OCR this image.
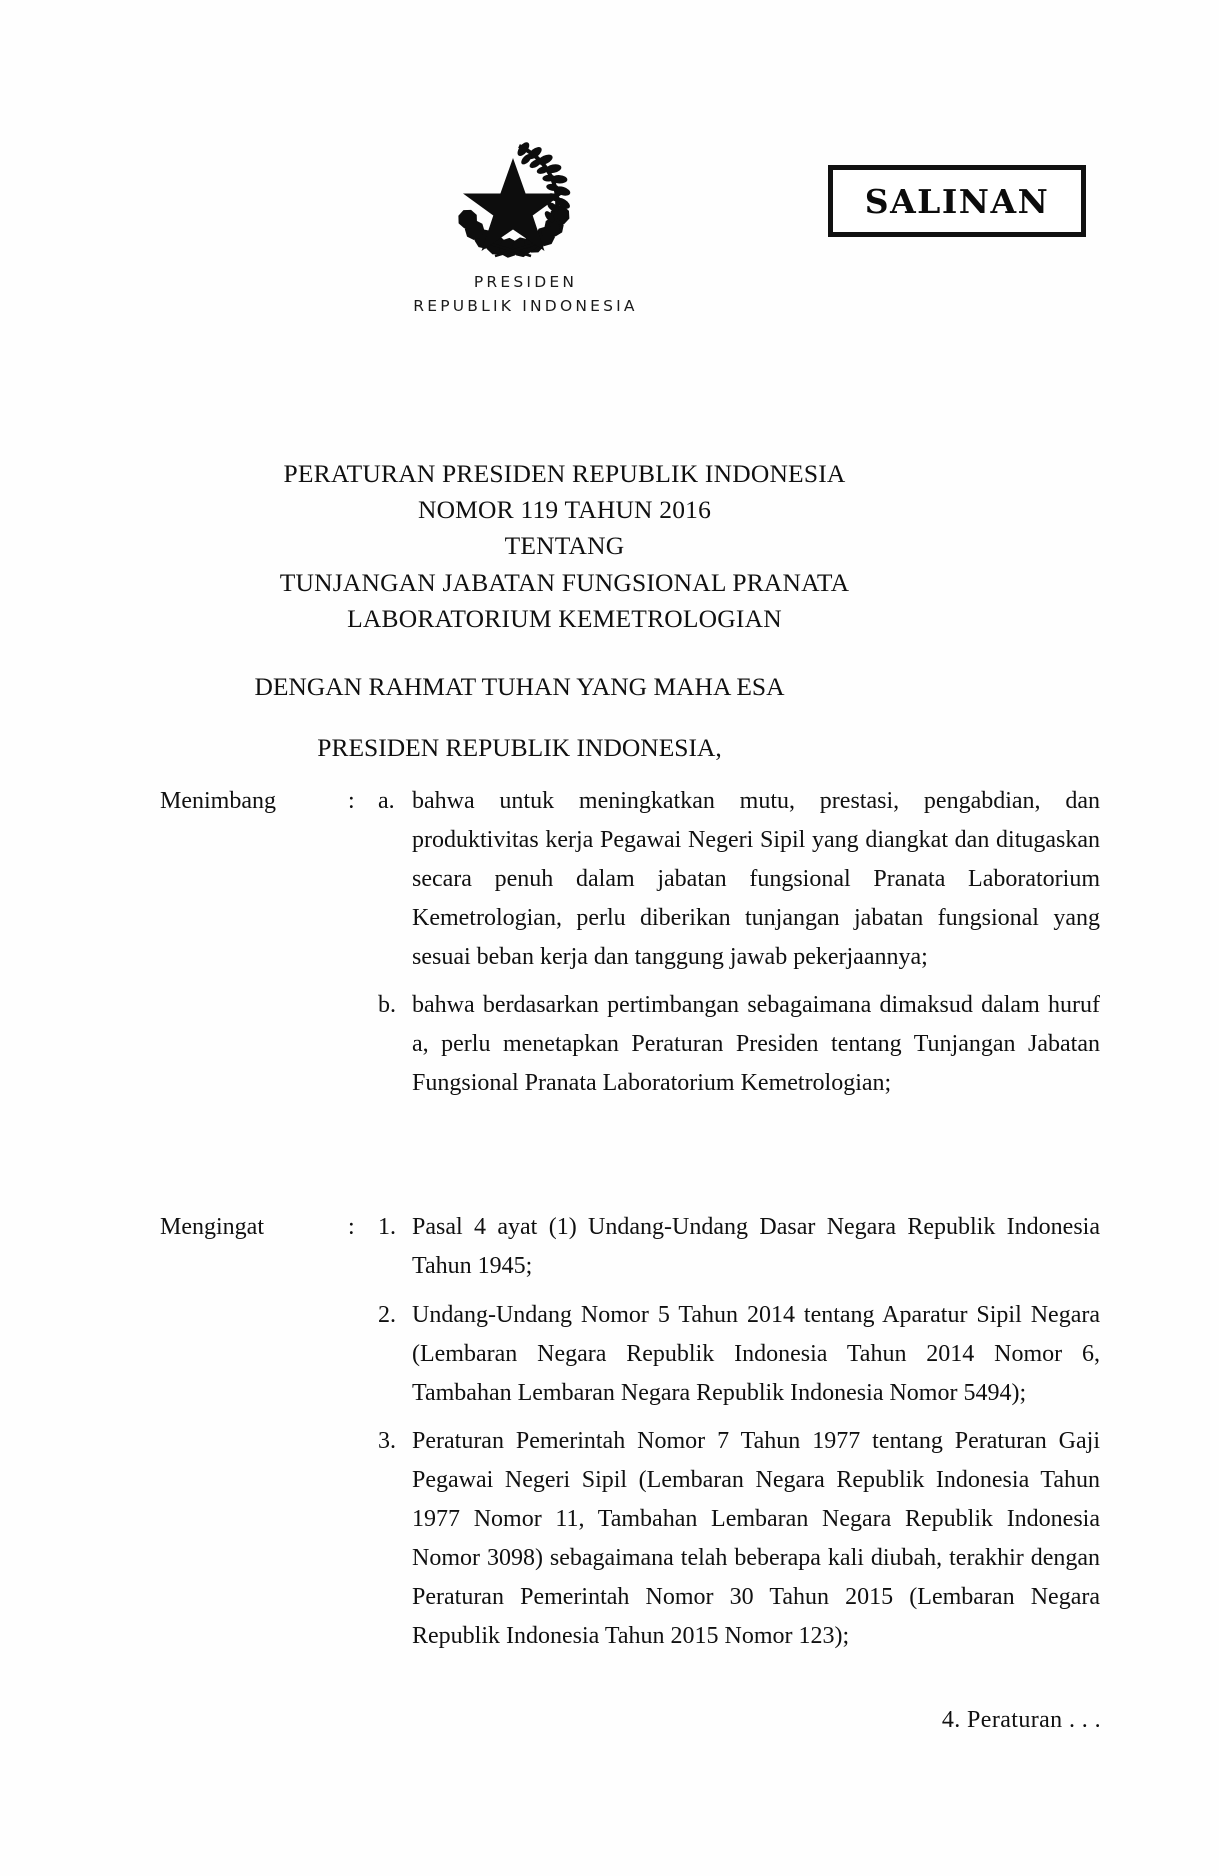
SALINAN
PRESIDEN
REPUBLIK INDONESIA
PERATURAN PRESIDEN REPUBLIK INDONESIA
NOMOR 119 TAHUN 2016
TENTANG
TUNJANGAN JABATAN FUNGSIONAL PRANATA
LABORATORIUM KEMETROLOGIAN
DENGAN RAHMAT TUHAN YANG MAHA ESA
PRESIDEN REPUBLIK INDONESIA,
Menimbang	: a. bahwa untuk meningkatkan mutu, prestasi, pengabdian, dan produktivitas kerja Pegawai Negeri Sipil yang diangkat dan ditugaskan secara penuh dalam jabatan fungsional Pranata Laboratorium Kemetrologian, perlu diberikan tunjangan jabatan fungsional yang sesuai beban kerja dan tanggung jawab pekerjaannya;
b. bahwa berdasarkan pertimbangan sebagaimana dimaksud dalam huruf a, perlu menetapkan Peraturan Presiden tentang Tunjangan Jabatan Fungsional Pranata Laboratorium Kemetrologian;
Mengingat	: 1. Pasal 4 ayat (1) Undang-Undang Dasar Negara Republik Indonesia Tahun 1945;
2. Undang-Undang Nomor 5 Tahun 2014 tentang Aparatur Sipil Negara (Lembaran Negara Republik Indonesia Tahun 2014 Nomor 6, Tambahan Lembaran Negara Republik Indonesia Nomor 5494);
3. Peraturan Pemerintah Nomor 7 Tahun 1977 tentang Peraturan Gaji Pegawai Negeri Sipil (Lembaran Negara Republik Indonesia Tahun 1977 Nomor 11, Tambahan Lembaran Negara Republik Indonesia Nomor 3098) sebagaimana telah beberapa kali diubah, terakhir dengan Peraturan Pemerintah Nomor 30 Tahun 2015 (Lembaran Negara Republik Indonesia Tahun 2015 Nomor 123);
4. Peraturan . . .
